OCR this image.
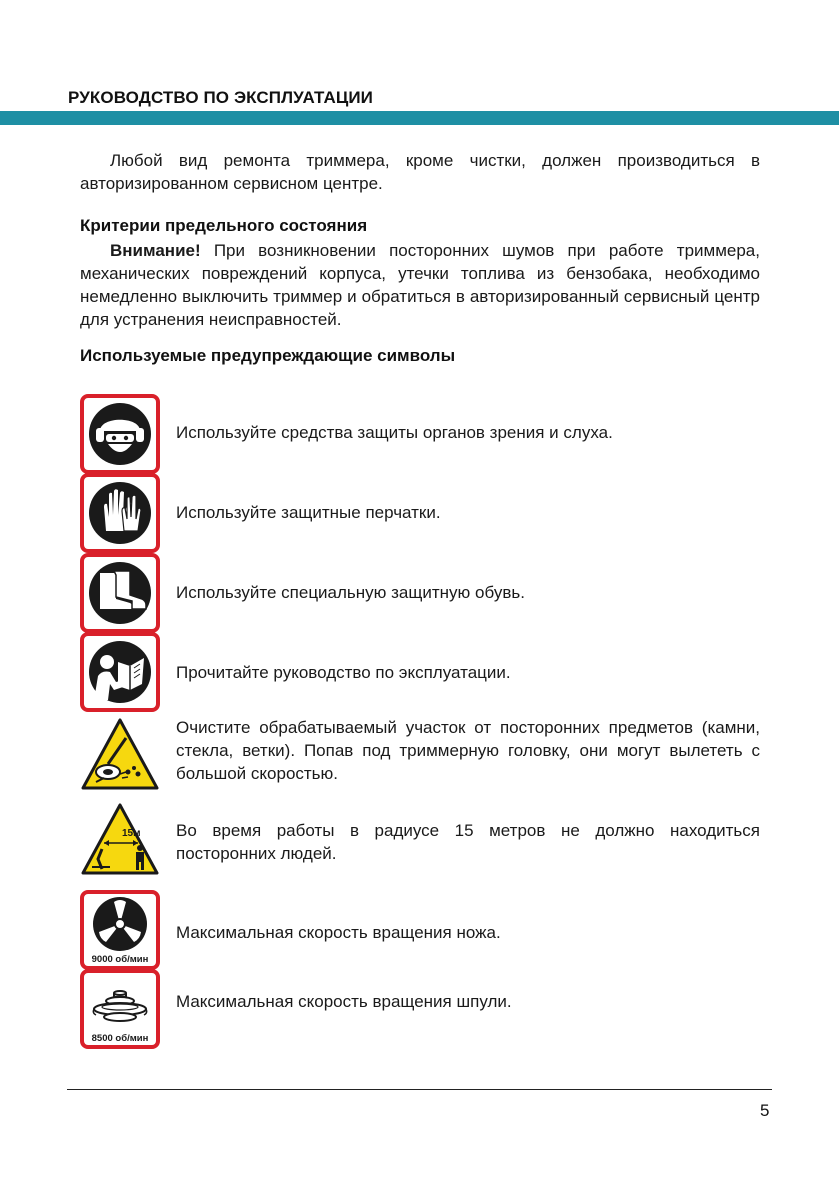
РУКОВОДСТВО ПО ЭКСПЛУАТАЦИИ
Любой вид ремонта триммера, кроме чистки, должен производиться в авторизированном сервисном центре.
Критерии предельного состояния
Внимание! При возникновении посторонних шумов при работе триммера, механических повреждений корпуса, утечки топлива из бензобака, необходимо немедленно выключить триммер и обратиться в авторизированный сервисный центр для устранения неисправностей.
Используемые предупреждающие символы
Используйте средства защиты органов зрения и слуха.
Используйте защитные перчатки.
Используйте специальную защитную обувь.
Прочитайте руководство по эксплуатации.
Очистите обрабатываемый участок от посторонних предметов (камни, стекла, ветки). Попав под триммерную головку, они могут вылететь с большой скоростью.
15м Во время работы в радиусе 15 метров не должно находиться посторонних людей.
9000 об/мин
Максимальная скорость вращения ножа.
8500 об/мин
Максимальная скорость вращения шпули.
5
